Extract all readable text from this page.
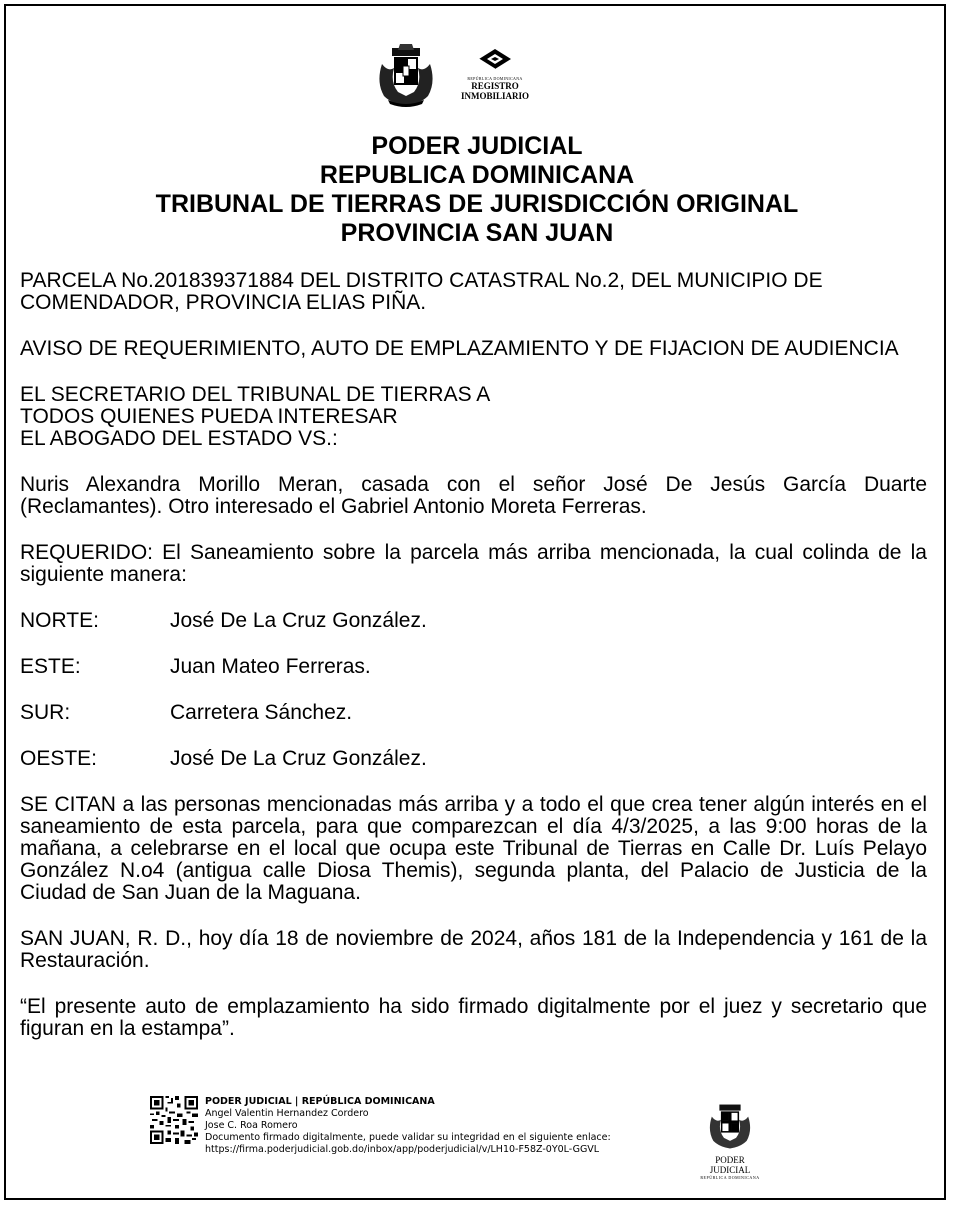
REPÚBLICA DOMINICANA
REGISTRO
INMOBILIARIO
PODER JUDICIAL
REPUBLICA DOMINICANA
TRIBUNAL DE TIERRAS DE JURISDICCIÓN ORIGINAL
PROVINCIA SAN JUAN

PARCELA No.201839371884 DEL DISTRITO CATASTRAL No.2, DEL MUNICIPIO DE COMENDADOR, PROVINCIA ELIAS PIÑA.

AVISO DE REQUERIMIENTO, AUTO DE EMPLAZAMIENTO Y DE FIJACION DE AUDIENCIA

EL SECRETARIO DEL TRIBUNAL DE TIERRAS A
TODOS QUIENES PUEDA INTERESAR
EL ABOGADO DEL ESTADO VS.:

Nuris Alexandra Morillo Meran, casada con el señor José De Jesús García Duarte (Reclamantes). Otro interesado el Gabriel Antonio Moreta Ferreras.

REQUERIDO: El Saneamiento sobre la parcela más arriba mencionada, la cual colinda de la siguiente manera:

NORTE:	José De La Cruz González.
ESTE:	Juan Mateo Ferreras.
SUR:	Carretera Sánchez.
OESTE:	José De La Cruz González.

SE CITAN a las personas mencionadas más arriba y a todo el que crea tener algún interés en el saneamiento de esta parcela, para que comparezcan el día 4/3/2025, a las 9:00 horas de la mañana, a celebrarse en el local que ocupa este Tribunal de Tierras en Calle Dr. Luís Pelayo González N.o4 (antigua calle Diosa Themis), segunda planta, del Palacio de Justicia de la Ciudad de San Juan de la Maguana.

SAN JUAN, R. D., hoy día 18 de noviembre de 2024, años 181 de la Independencia y 161 de la Restauración.

“El presente auto de emplazamiento ha sido firmado digitalmente por el juez y secretario que figuran en la estampa”.

PODER JUDICIAL | REPÚBLICA DOMINICANA
Angel Valentin Hernandez Cordero
Jose C. Roa Romero
Documento firmado digitalmente, puede validar su integridad en el siguiente enlace:
https://firma.poderjudicial.gob.do/inbox/app/poderjudicial/v/LH10-F58Z-0Y0L-GGVL
PODER JUDICIAL
REPÚBLICA DOMINICANA
